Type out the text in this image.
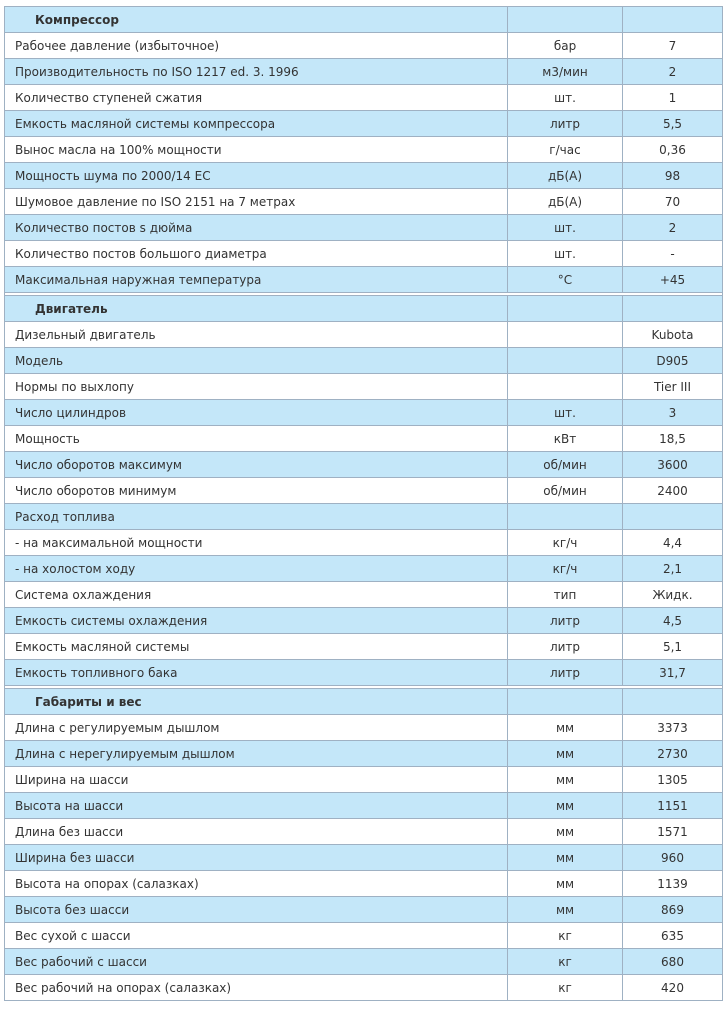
Компрессор		
Рабочее давление (избыточное)	бар	7
Производительность по ISO 1217 ed. 3. 1996	м3/мин	2
Количество ступеней сжатия	шт.	1
Емкость масляной системы компрессора	литр	5,5
Вынос масла на 100% мощности	г/час	0,36
Мощность шума по 2000/14 ЕС	дБ(А)	98
Шумовое давление по ISO 2151 на 7 метрах	дБ(А)	70
Количество постов s дюйма	шт.	2
Количество постов большого диаметра	шт.	-
Максимальная наружная температура	°C	+45

Двигатель		
Дизельный двигатель		Kubota
Модель		D905
Нормы по выхлопу		Tier III
Число цилиндров	шт.	3
Мощность	кВт	18,5
Число оборотов максимум	об/мин	3600
Число оборотов минимум	об/мин	2400
Расход топлива		
- на максимальной мощности	кг/ч	4,4
- на холостом ходу	кг/ч	2,1
Система охлаждения	тип	Жидк.
Емкость системы охлаждения	литр	4,5
Емкость масляной системы	литр	5,1
Емкость топливного бака	литр	31,7

Габариты и вес		
Длина с регулируемым дышлом	мм	3373
Длина с нерегулируемым дышлом	мм	2730
Ширина на шасси	мм	1305
Высота на шасси	мм	1151
Длина без шасси	мм	1571
Ширина без шасси	мм	960
Высота на опорах (салазках)	мм	1139
Высота без шасси	мм	869
Вес сухой с шасси	кг	635
Вес рабочий с шасси	кг	680
Вес рабочий на опорах (салазках)	кг	420
